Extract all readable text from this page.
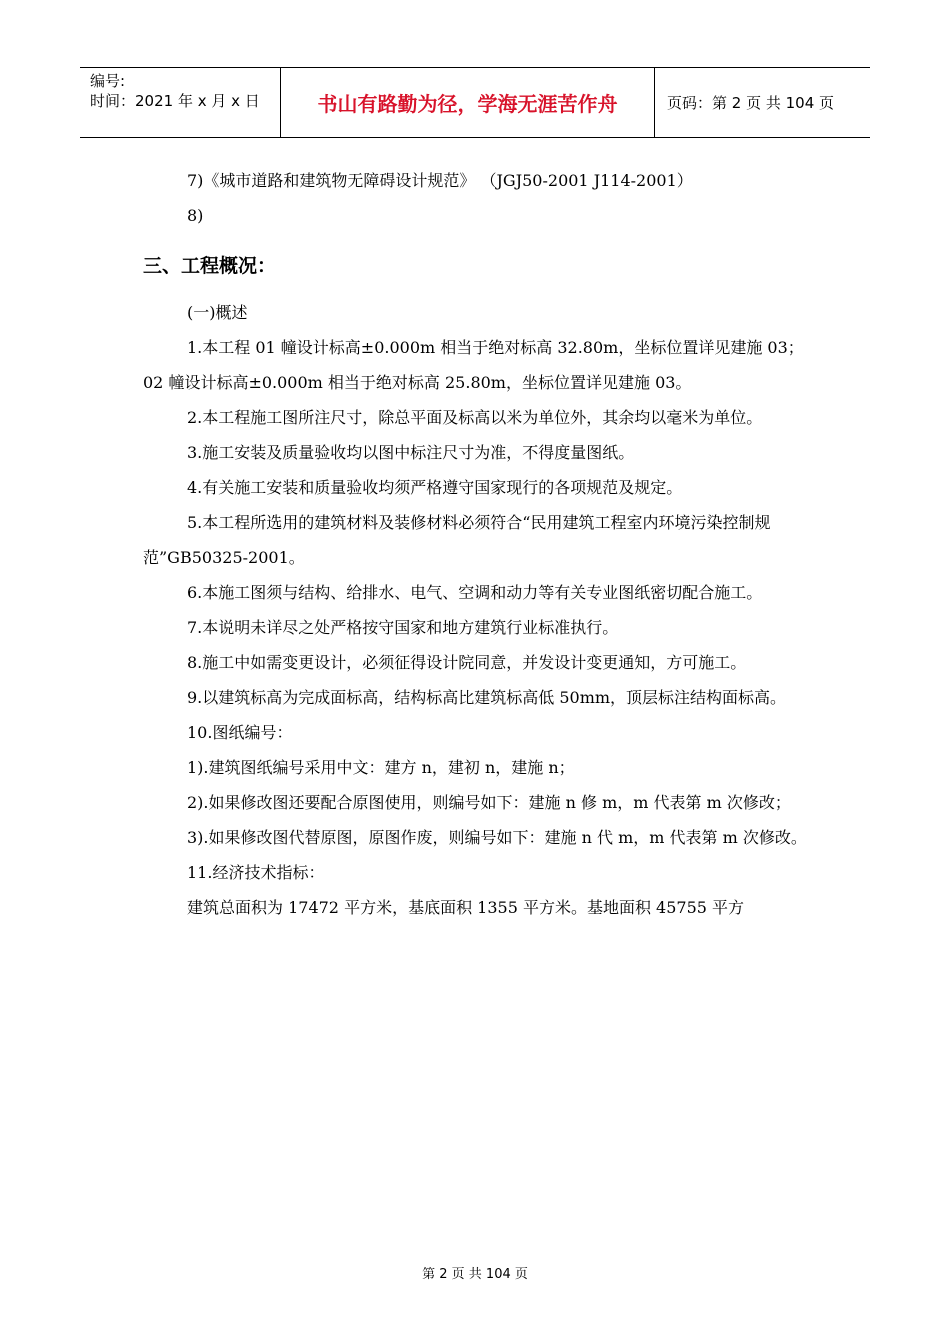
编号:
时间：2021 年 x 月 x 日	书山有路勤为径，学海无涯苦作舟	页码：第 2 页 共 104 页

7)《城市道路和建筑物无障碍设计规范》 （JGJ50-2001 J114-2001）

8)

三、工程概况：

(一)概述

1.本工程 01 幢设计标高±0.000m 相当于绝对标高 32.80m，坐标位置详见建施 03；02 幢设计标高±0.000m 相当于绝对标高 25.80m，坐标位置详见建施 03。

2.本工程施工图所注尺寸，除总平面及标高以米为单位外，其余均以毫米为单位。

3.施工安装及质量验收均以图中标注尺寸为准，不得度量图纸。

4.有关施工安装和质量验收均须严格遵守国家现行的各项规范及规定。

5.本工程所选用的建筑材料及装修材料必须符合“民用建筑工程室内环境污染控制规范”GB50325-2001。

6.本施工图须与结构、给排水、电气、空调和动力等有关专业图纸密切配合施工。

7.本说明未详尽之处严格按守国家和地方建筑行业标准执行。

8.施工中如需变更设计，必须征得设计院同意，并发设计变更通知，方可施工。

9.以建筑标高为完成面标高，结构标高比建筑标高低 50mm，顶层标注结构面标高。

10.图纸编号：

1).建筑图纸编号采用中文：建方 n，建初 n，建施 n；

2).如果修改图还要配合原图使用，则编号如下：建施 n 修 m，m 代表第 m 次修改；

3).如果修改图代替原图，原图作废，则编号如下：建施 n 代 m，m 代表第 m 次修改。

11.经济技术指标：

建筑总面积为 17472 平方米，基底面积 1355 平方米。基地面积 45755 平方

第 2 页 共 104 页
